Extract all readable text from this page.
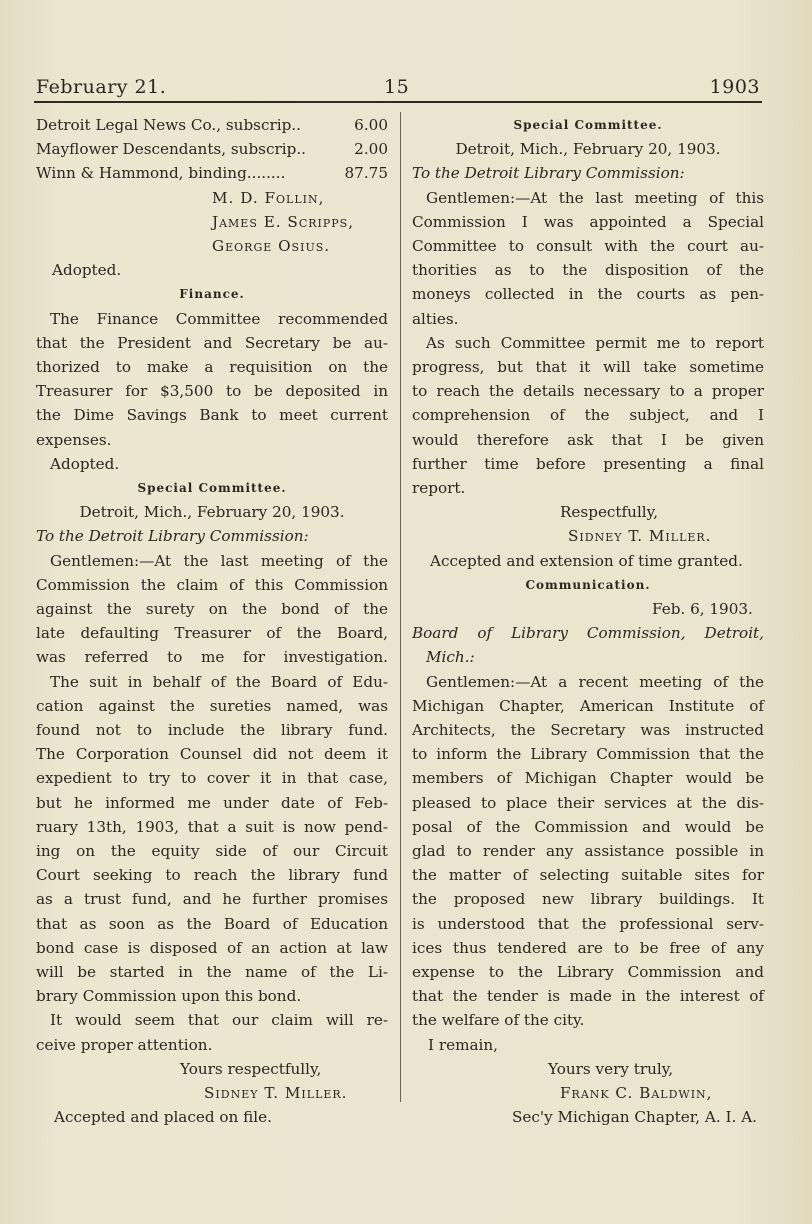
February 21.	15	1903
Detroit Legal News Co., subscrip..	6.00
Mayflower Descendants, subscrip..	2.00
Winn & Hammond, binding........	87.75
M. D. Follin,
James E. Scripps,
George Osius.
Adopted.
Finance.
The Finance Committee recommended
that the President and Secretary be au-
thorized to make a requisition on the
Treasurer for $3,500 to be deposited in
the Dime Savings Bank to meet current
expenses.
Adopted.
Special Committee.
Detroit, Mich., February 20, 1903.
To the Detroit Library Commission:
Gentlemen:—At the last meeting of the
Commission the claim of this Commission
against the surety on the bond of the
late defaulting Treasurer of the Board,
was referred to me for investigation.
The suit in behalf of the Board of Edu-
cation against the sureties named, was
found not to include the library fund.
The Corporation Counsel did not deem it
expedient to try to cover it in that case,
but he informed me under date of Feb-
ruary 13th, 1903, that a suit is now pend-
ing on the equity side of our Circuit
Court seeking to reach the library fund
as a trust fund, and he further promises
that as soon as the Board of Education
bond case is disposed of an action at law
will be started in the name of the Li-
brary Commission upon this bond.
It would seem that our claim will re-
ceive proper attention.
Yours respectfully,
Sidney T. Miller.
Accepted and placed on file.
Special Committee.
Detroit, Mich., February 20, 1903.
To the Detroit Library Commission:
Gentlemen:—At the last meeting of this
Commission I was appointed a Special
Committee to consult with the court au-
thorities as to the disposition of the
moneys collected in the courts as pen-
alties.
As such Committee permit me to report
progress, but that it will take sometime
to reach the details necessary to a proper
comprehension of the subject, and I
would therefore ask that I be given
further time before presenting a final
report.
Respectfully,
Sidney T. Miller.
Accepted and extension of time granted.
Communication.
Feb. 6, 1903.
Board of Library Commission, Detroit,
Mich.:
Gentlemen:—At a recent meeting of the
Michigan Chapter, American Institute of
Architects, the Secretary was instructed
to inform the Library Commission that the
members of Michigan Chapter would be
pleased to place their services at the dis-
posal of the Commission and would be
glad to render any assistance possible in
the matter of selecting suitable sites for
the proposed new library buildings. It
is understood that the professional serv-
ices thus tendered are to be free of any
expense to the Library Commission and
that the tender is made in the interest of
the welfare of the city.
I remain,
Yours very truly,
Frank C. Baldwin,
Sec'y Michigan Chapter, A. I. A.
